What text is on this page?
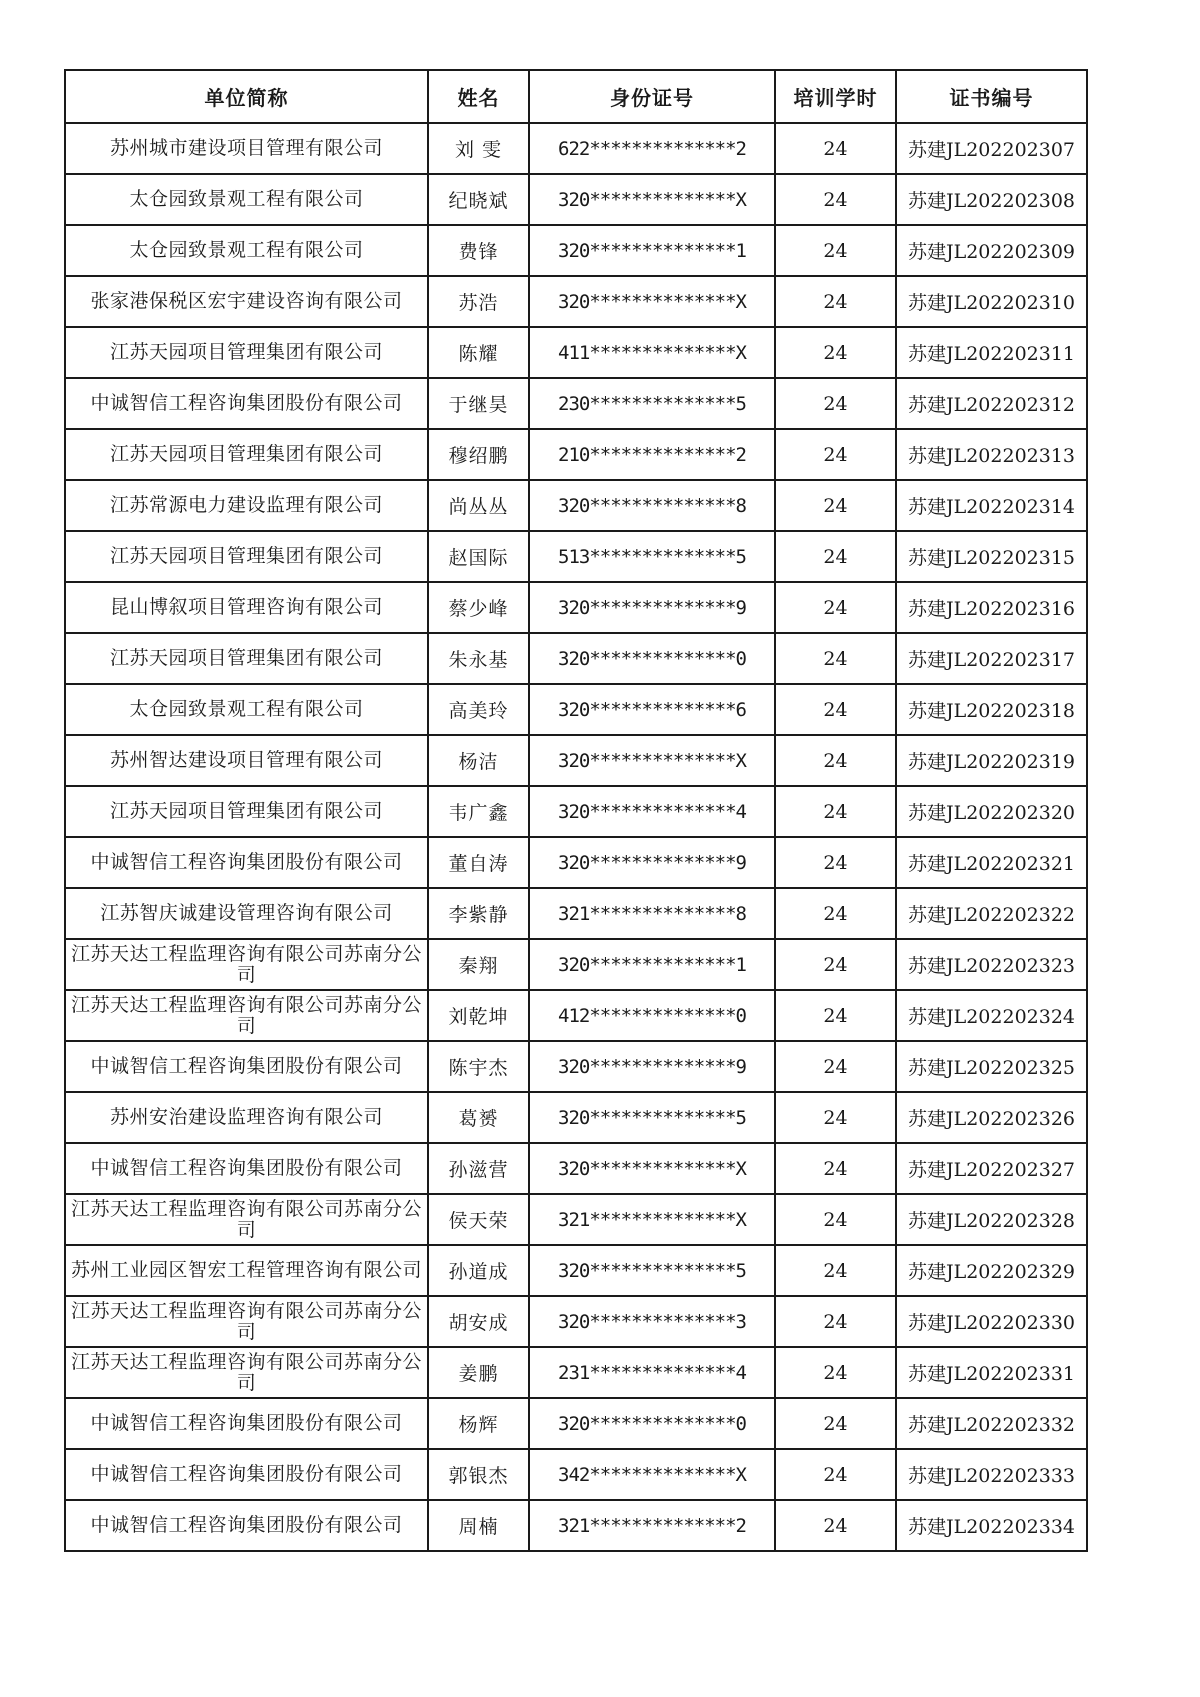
单位简称	姓名	身份证号	培训学时	证书编号
苏州城市建设项目管理有限公司	刘 雯	622**************2	24	苏建JL202202307
太仓园致景观工程有限公司	纪晓斌	320**************X	24	苏建JL202202308
太仓园致景观工程有限公司	费锋	320**************1	24	苏建JL202202309
张家港保税区宏宇建设咨询有限公司	苏浩	320**************X	24	苏建JL202202310
江苏天园项目管理集团有限公司	陈耀	411**************X	24	苏建JL202202311
中诚智信工程咨询集团股份有限公司	于继昊	230**************5	24	苏建JL202202312
江苏天园项目管理集团有限公司	穆绍鹏	210**************2	24	苏建JL202202313
江苏常源电力建设监理有限公司	尚丛丛	320**************8	24	苏建JL202202314
江苏天园项目管理集团有限公司	赵国际	513**************5	24	苏建JL202202315
昆山博叙项目管理咨询有限公司	蔡少峰	320**************9	24	苏建JL202202316
江苏天园项目管理集团有限公司	朱永基	320**************0	24	苏建JL202202317
太仓园致景观工程有限公司	高美玲	320**************6	24	苏建JL202202318
苏州智达建设项目管理有限公司	杨洁	320**************X	24	苏建JL202202319
江苏天园项目管理集团有限公司	韦广鑫	320**************4	24	苏建JL202202320
中诚智信工程咨询集团股份有限公司	董自涛	320**************9	24	苏建JL202202321
江苏智庆诚建设管理咨询有限公司	李紫静	321**************8	24	苏建JL202202322
江苏天达工程监理咨询有限公司苏南分公司	秦翔	320**************1	24	苏建JL202202323
江苏天达工程监理咨询有限公司苏南分公司	刘乾坤	412**************0	24	苏建JL202202324
中诚智信工程咨询集团股份有限公司	陈宇杰	320**************9	24	苏建JL202202325
苏州安治建设监理咨询有限公司	葛赟	320**************5	24	苏建JL202202326
中诚智信工程咨询集团股份有限公司	孙滋营	320**************X	24	苏建JL202202327
江苏天达工程监理咨询有限公司苏南分公司	侯天荣	321**************X	24	苏建JL202202328
苏州工业园区智宏工程管理咨询有限公司	孙道成	320**************5	24	苏建JL202202329
江苏天达工程监理咨询有限公司苏南分公司	胡安成	320**************3	24	苏建JL202202330
江苏天达工程监理咨询有限公司苏南分公司	姜鹏	231**************4	24	苏建JL202202331
中诚智信工程咨询集团股份有限公司	杨辉	320**************0	24	苏建JL202202332
中诚智信工程咨询集团股份有限公司	郭银杰	342**************X	24	苏建JL202202333
中诚智信工程咨询集团股份有限公司	周楠	321**************2	24	苏建JL202202334
